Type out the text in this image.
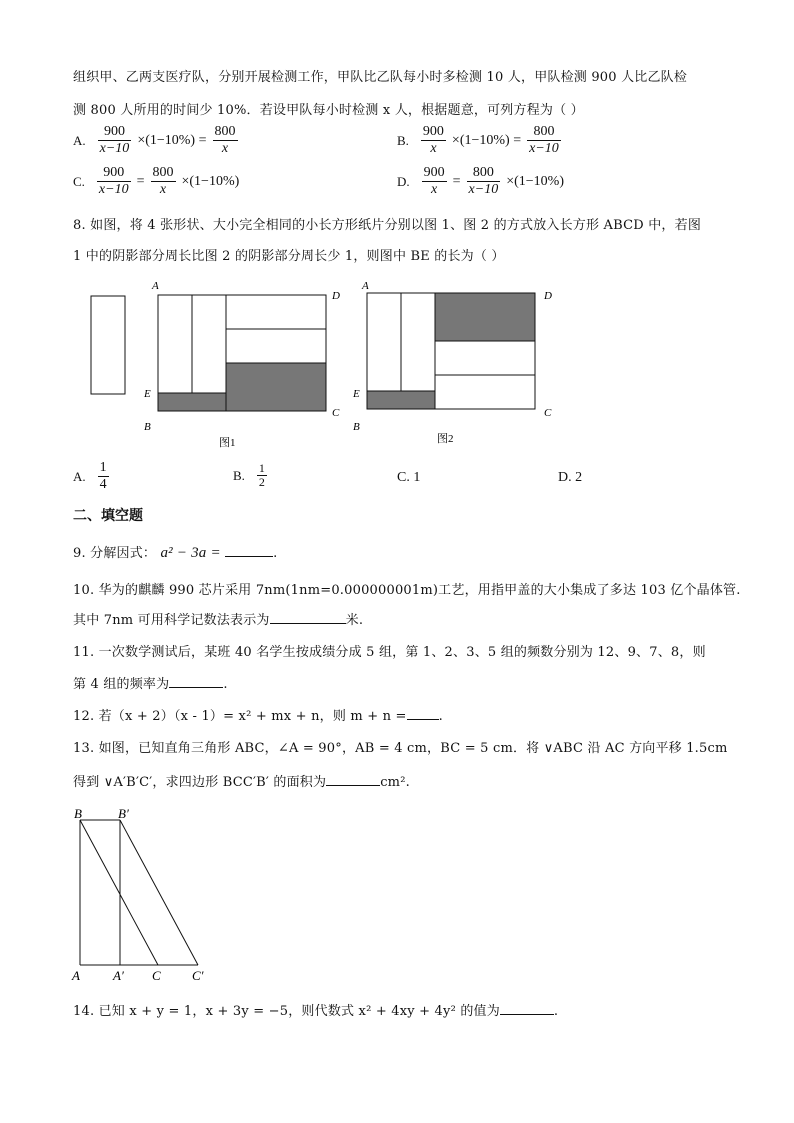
组织甲、乙两支医疗队，分别开展检测工作，甲队比乙队每小时多检测 10 人，甲队检测 900 人比乙队检
测 800 人所用的时间少 10%．若设甲队每小时检测 x 人，根据题意，可列方程为（ ）
A. $\frac{900}{x-10} \times(1-10\%) = \frac{800}{x}$	B. $\frac{900}{x} \times(1-10\%) = \frac{800}{x-10}$
C. $\frac{900}{x-10} = \frac{800}{x} \times(1-10\%)$	D. $\frac{900}{x} = \frac{800}{x-10} \times(1-10\%)$
8. 如图，将 4 张形状、大小完全相同的小长方形纸片分别以图 1、图 2 的方式放入长方形 ABCD 中，若图
1 中的阴影部分周长比图 2 的阴影部分周长少 1，则图中 BE 的长为（ ）
A
D
E
B
C
图1
A
D
E
B
C
图2
A. $\frac{1}{4}$	B. $\frac{1}{2}$	C. 1	D. 2
二、填空题
9. 分解因式： a² − 3a =	.
10. 华为的麒麟 990 芯片采用 7nm(1nm=0.000000001m)工艺，用指甲盖的大小集成了多达 103 亿个晶体管.
其中 7nm 可用科学记数法表示为	米.
11. 一次数学测试后，某班 40 名学生按成绩分成 5 组，第 1、2、3、5 组的频数分别为 12、9、7、8，则
第 4 组的频率为	.
12. 若（x + 2）（x - 1）= x² + mx + n，则 m + n = .
13. 如图，已知直角三角形 ABC，∠A = 90°，AB = 4 cm，BC = 5 cm．将 ∨ABC 沿 AC 方向平移 1.5cm
得到 ∨A′B′C′，求四边形 BCC′B′ 的面积为	cm².
B	B′
A	A′ C C′
14. 已知 x + y = 1，x + 3y = −5，则代数式 x² + 4xy + 4y² 的值为	.
